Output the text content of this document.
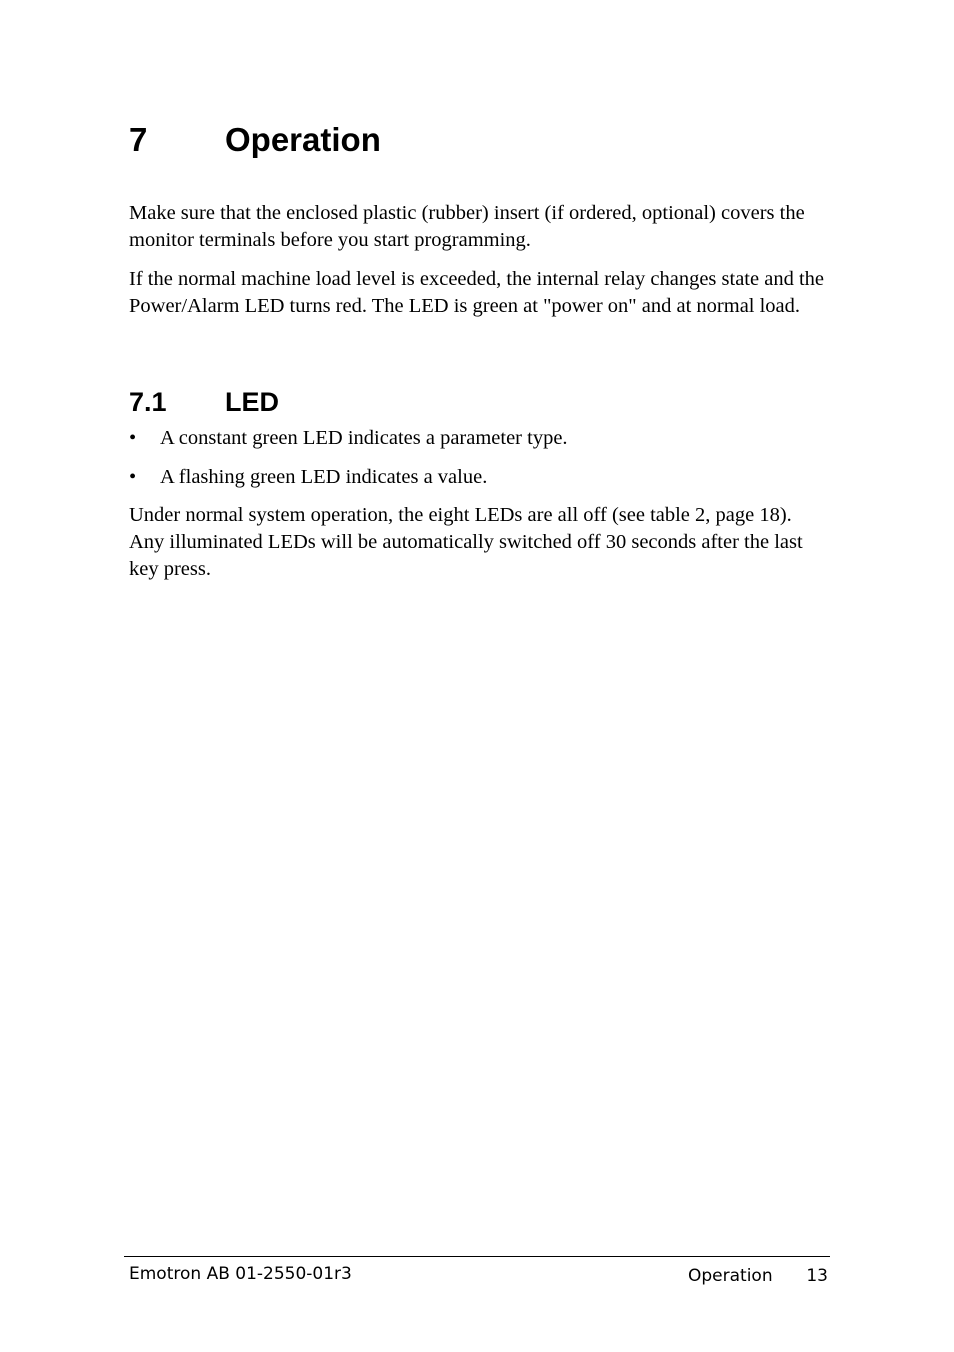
7 Operation

Make sure that the enclosed plastic (rubber) insert (if ordered, optional) covers the monitor terminals before you start programming.

If the normal machine load level is exceeded, the internal relay changes state and the Power/Alarm LED turns red. The LED is green at "power on" and at normal load.

7.1 LED
• A constant green LED indicates a parameter type.
• A flashing green LED indicates a value.

Under normal system operation, the eight LEDs are all off (see table 2, page 18). Any illuminated LEDs will be automatically switched off 30 seconds after the last key press.

Emotron AB 01-2550-01r3	Operation 13
